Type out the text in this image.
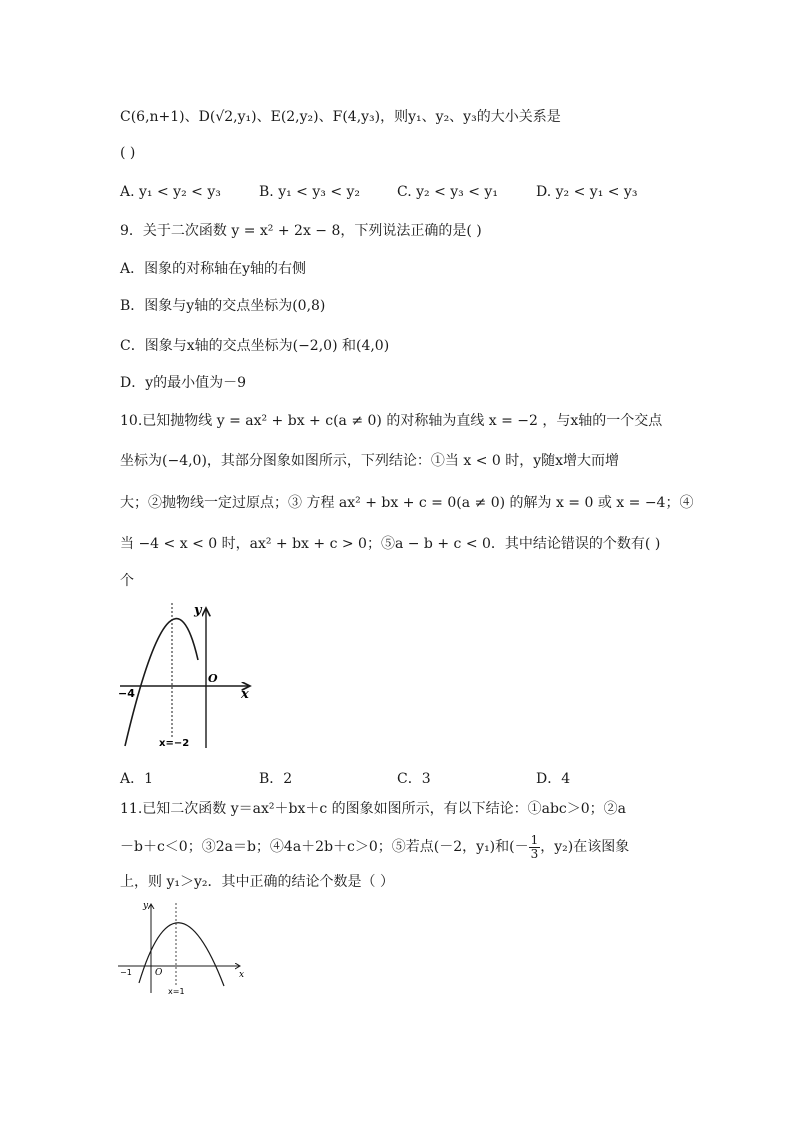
C(6,n+1)、D(√2,y₁)、E(2,y₂)、F(4,y₃)，则y₁、y₂、y₃的大小关系是
( )
A. y₁ < y₂ < y₃	B. y₁ < y₃ < y₂	C. y₂ < y₃ < y₁	D. y₂ < y₁ < y₃
9．关于二次函数 y = x² + 2x − 8，下列说法正确的是( )
A．图象的对称轴在y轴的右侧
B．图象与y轴的交点坐标为(0,8)
C．图象与x轴的交点坐标为(−2,0) 和(4,0)
D．y的最小值为－9
10.已知抛物线 y = ax² + bx + c(a ≠ 0) 的对称轴为直线 x = −2 ，与x轴的一个交点
坐标为(−4,0)，其部分图象如图所示，下列结论：①当 x < 0 时，y随x增大而增
大；②抛物线一定过原点；③ 方程 ax² + bx + c = 0(a ≠ 0) 的解为 x = 0 或 x = −4；④
当 −4 < x < 0 时，ax² + bx + c > 0；⑤a − b + c < 0．其中结论错误的个数有( )
个
y
O
x
−4
x=−2
A．1	B．2	C．3	D．4
11.已知二次函数 y＝ax²＋bx＋c 的图象如图所示，有以下结论：①abc＞0；②a
－b＋c＜0；③2a＝b；④4a＋2b＋c＞0；⑤若点(－2，y₁)和(－ $\frac{1}{3}$ ，y₂)在该图象
上，则 y₁＞y₂．其中正确的结论个数是（ ）
y
O	x
−1
x=1
